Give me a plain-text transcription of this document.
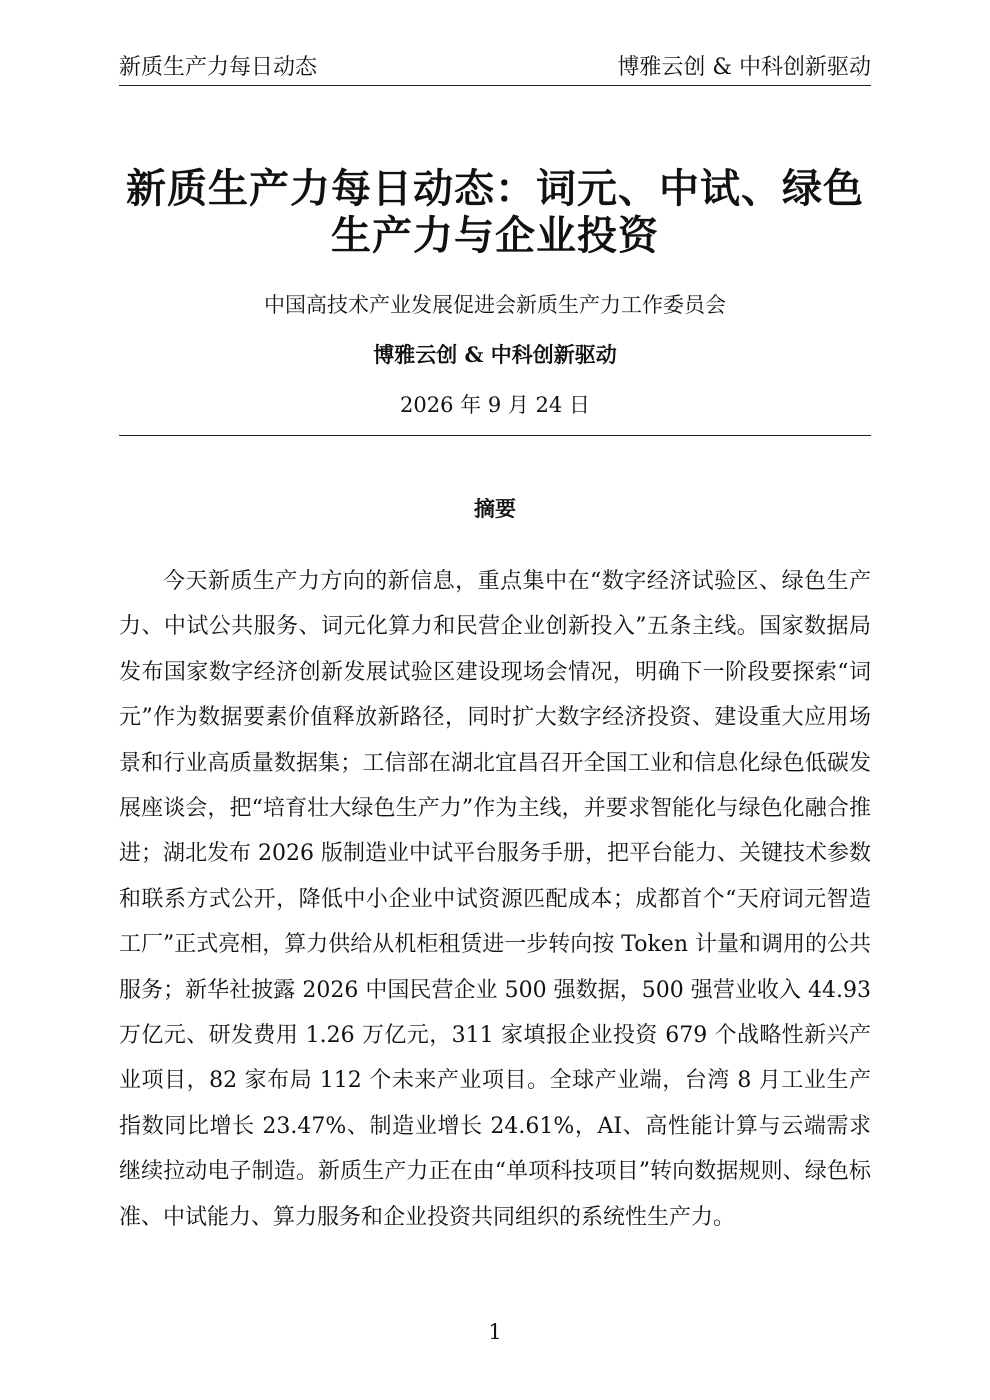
新质生产力每日动态	博雅云创 & 中科创新驱动
新质生产力每日动态：词元、中试、绿色
生产力与企业投资
中国高技术产业发展促进会新质生产力工作委员会
博雅云创 & 中科创新驱动
2026 年 9 月 24 日
摘要

今天新质生产力方向的新信息，重点集中在“数字经济试验区、绿色生产力、中试公共服务、词元化算力和民营企业创新投入”五条主线。国家数据局发布国家数字经济创新发展试验区建设现场会情况，明确下一阶段要探索“词元”作为数据要素价值释放新路径，同时扩大数字经济投资、建设重大应用场景和行业高质量数据集；工信部在湖北宜昌召开全国工业和信息化绿色低碳发展座谈会，把“培育壮大绿色生产力”作为主线，并要求智能化与绿色化融合推进；湖北发布 2026 版制造业中试平台服务手册，把平台能力、关键技术参数和联系方式公开，降低中小企业中试资源匹配成本；成都首个“天府词元智造工厂”正式亮相，算力供给从机柜租赁进一步转向按 Token 计量和调用的公共服务；新华社披露 2026 中国民营企业 500 强数据，500 强营业收入 44.93 万亿元、研发费用 1.26 万亿元，311 家填报企业投资 679 个战略性新兴产业项目，82 家布局 112 个未来产业项目。全球产业端，台湾 8 月工业生产指数同比增长 23.47%、制造业增长 24.61%，AI、高性能计算与云端需求继续拉动电子制造。新质生产力正在由“单项科技项目”转向数据规则、绿色标准、中试能力、算力服务和企业投资共同组织的系统性生产力。

1
